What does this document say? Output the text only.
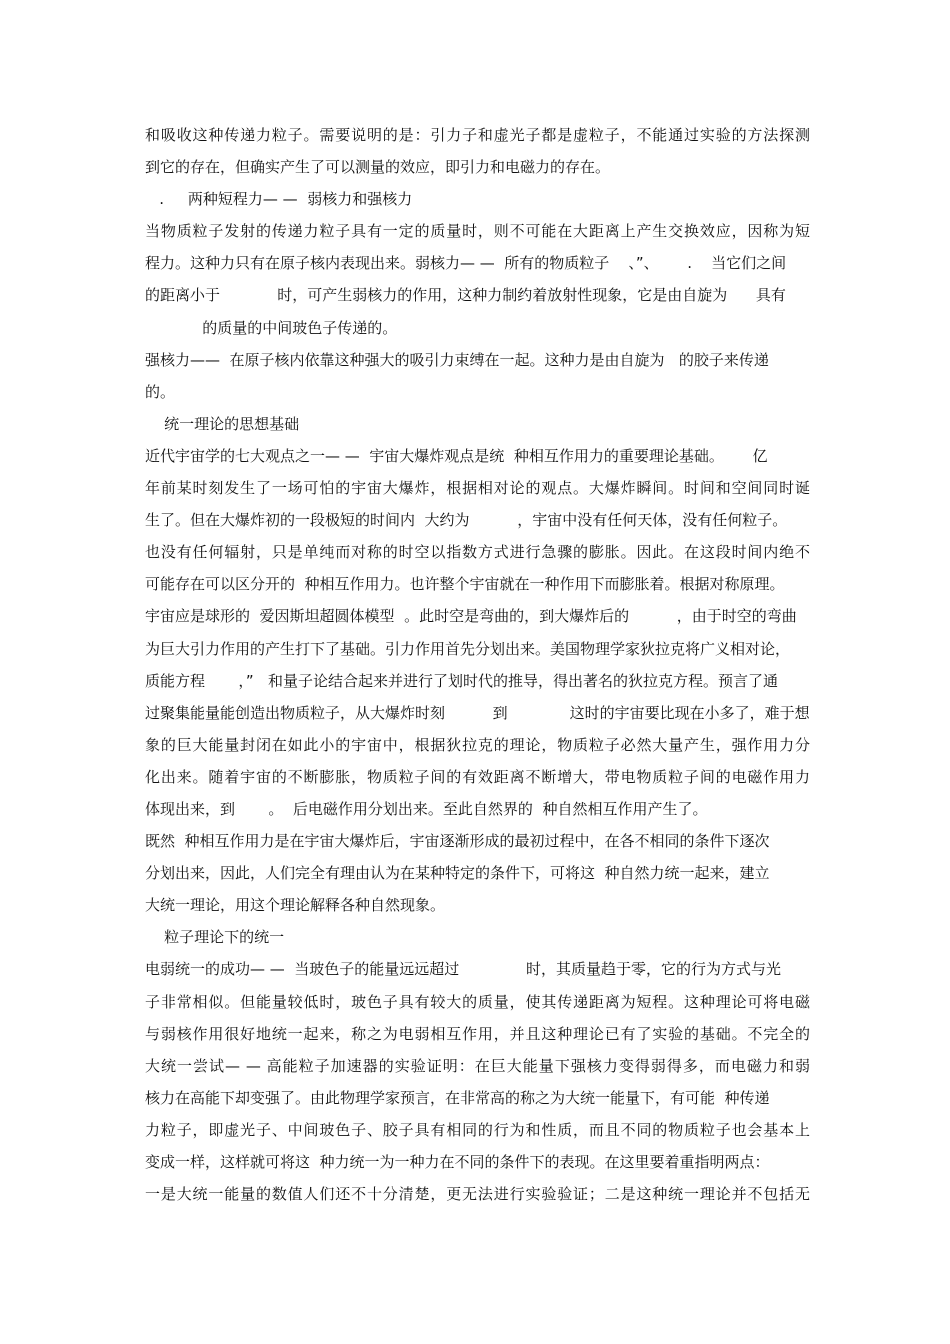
和吸收这种传递力粒子。需要说明的是：引力子和虚光子都是虚粒子，不能通过实验的方法探测
到它的存在，但确实产生了可以测量的效应，即引力和电磁力的存在。
.     两种短程力— —  弱核力和强核力
当物质粒子发射的传递力粒子具有一定的质量时，则不可能在大距离上产生交换效应，因称为短
程力。这种力只有在原子核内表现出来。弱核力— —  所有的物质粒子    、”、      .    当它们之间
的距离小于            时，可产生弱核力的作用，这种力制约着放射性现象，它是由自旋为      具有
的质量的中间玻色子传递的。
强核力——  在原子核内依靠这种强大的吸引力束缚在一起。这种力是由自旋为   的胶子来传递
的。
统一理论的思想基础
近代宇宙学的七大观点之一— —  宇宙大爆炸观点是统  种相互作用力的重要理论基础。      亿
年前某时刻发生了一场可怕的宇宙大爆炸，根据相对论的观点。大爆炸瞬间。时间和空间同时诞
生了。但在大爆炸初的一段极短的时间内  大约为          ，宇宙中没有任何天体，没有任何粒子。
也没有任何辐射，只是单纯而对称的时空以指数方式进行急骤的膨胀。因此。在这段时间内绝不
可能存在可以区分开的  种相互作用力。也许整个宇宙就在一种作用下而膨胀着。根据对称原理。
宇宙应是球形的  爱因斯坦超圆体模型  。此时空是弯曲的，到大爆炸后的          ，由于时空的弯曲
为巨大引力作用的产生打下了基础。引力作用首先分划出来。美国物理学家狄拉克将广义相对论，
质能方程       ，”   和量子论结合起来并进行了划时代的推导，得出著名的狄拉克方程。预言了通
过聚集能量能创造出物质粒子，从大爆炸时刻          到             这时的宇宙要比现在小多了，难于想
象的巨大能量封闭在如此小的宇宙中，根据狄拉克的理论，物质粒子必然大量产生，强作用力分
化出来。随着宇宙的不断膨胀，物质粒子间的有效距离不断增大，带电物质粒子间的电磁作用力
体现出来，到       。  后电磁作用分划出来。至此自然界的  种自然相互作用产生了。
既然  种相互作用力是在宇宙大爆炸后，宇宙逐渐形成的最初过程中，在各不相同的条件下逐次
分划出来，因此，人们完全有理由认为在某种特定的条件下，可将这  种自然力统一起来，建立
大统一理论，用这个理论解释各种自然现象。
粒子理论下的统一
电弱统一的成功— —  当玻色子的能量远远超过              时，其质量趋于零，它的行为方式与光
子非常相似。但能量较低时，玻色子具有较大的质量，使其传递距离为短程。这种理论可将电磁
与弱核作用很好地统一起来，称之为电弱相互作用，并且这种理论已有了实验的基础。不完全的
大统一尝试— — 高能粒子加速器的实验证明：在巨大能量下强核力变得弱得多，而电磁力和弱
核力在高能下却变强了。由此物理学家预言，在非常高的称之为大统一能量下，有可能  种传递
力粒子，即虚光子、中间玻色子、胶子具有相同的行为和性质，而且不同的物质粒子也会基本上
变成一样，这样就可将这  种力统一为一种力在不同的条件下的表现。在这里要着重指明两点：
一是大统一能量的数值人们还不十分清楚，更无法进行实验验证；二是这种统一理论并不包括无
